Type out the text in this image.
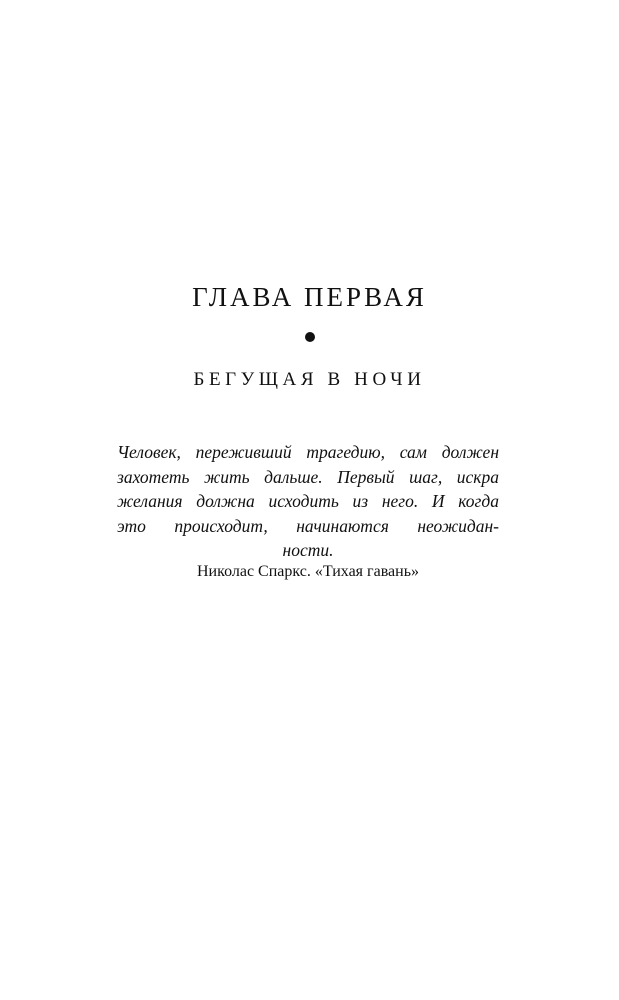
ГЛАВА ПЕРВАЯ
БЕГУЩАЯ В НОЧИ
Человек, переживший трагедию, сам должен
захотеть жить дальше. Первый шаг, искра
желания должна исходить из него. И когда
это происходит, начинаются неожидан-
ности.
Николас Спаркс. «Тихая гавань»
